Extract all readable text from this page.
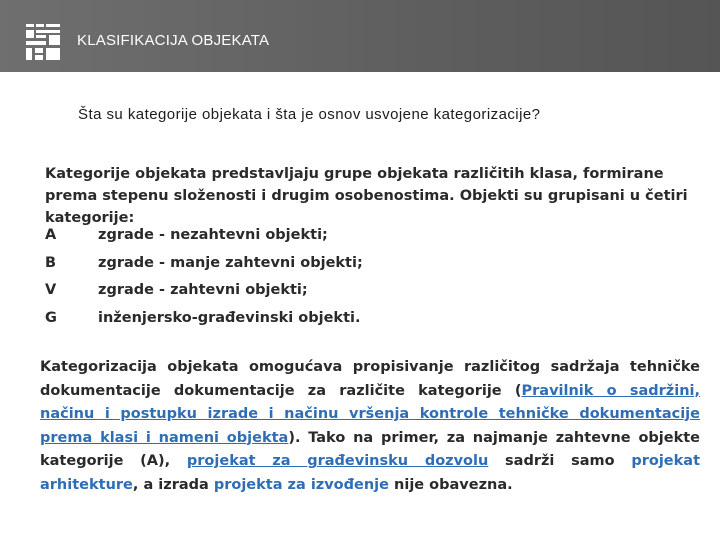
KLASIFIKACIJA OBJEKATA
Šta su kategorije objekata i šta je osnov usvojene kategorizacije?

Kategorije objekata predstavljaju grupe objekata različitih klasa, formirane prema stepenu složenosti i drugim osobenostima. Objekti su grupisani u četiri kategorije:

A	zgrade - nezahtevni objekti;
B	zgrade - manje zahtevni objekti;
V	zgrade - zahtevni objekti;
G	inženjersko-građevinski objekti.

Kategorizacija objekata omogućava propisivanje različitog sadržaja tehničke dokumentacije dokumentacije za različite kategorije (Pravilnik o sadržini, načinu i postupku izrade i načinu vršenja kontrole tehničke dokumentacije prema klasi i nameni objekta). Tako na primer, za najmanje zahtevne objekte kategorije (A), projekat za građevinsku dozvolu sadrži samo projekat arhitekture, a izrada projekta za izvođenje nije obavezna.
